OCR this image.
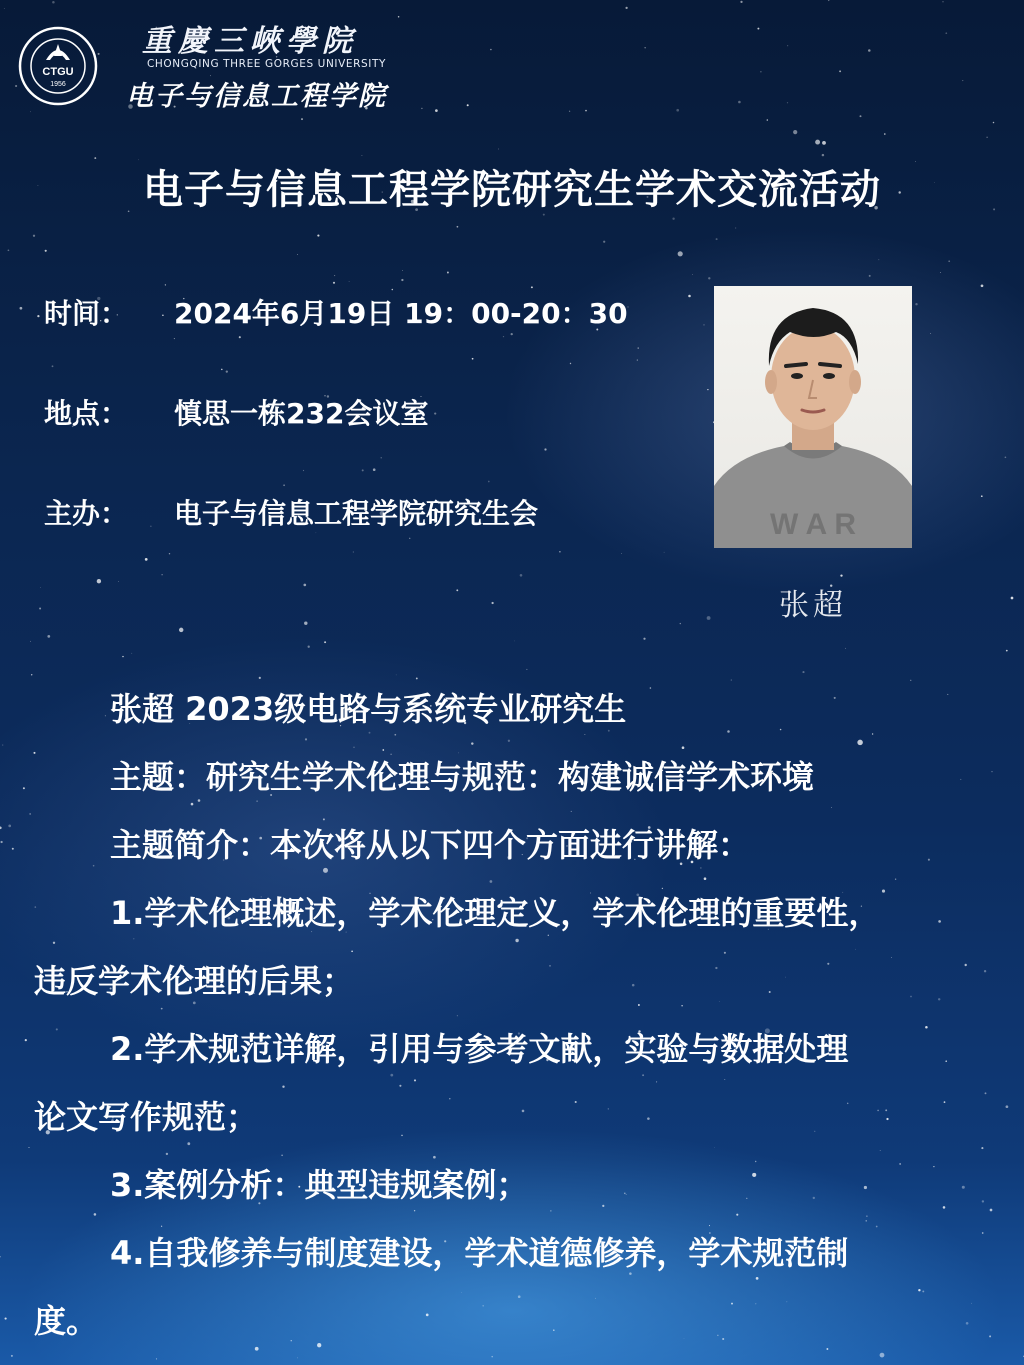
CTGU
1956
重慶三峽學院
CHONGQING THREE GORGES UNIVERSITY
电子与信息工程学院
电子与信息工程学院研究生学术交流活动
时间： 2024年6月19日 19：00-20：30
地点： 慎思一栋232会议室
主办： 电子与信息工程学院研究生会	W A R
张超
张超 2023级电路与系统专业研究生
主题：研究生学术伦理与规范：构建诚信学术环境
主题简介：本次将从以下四个方面进行讲解：
1.学术伦理概述，学术伦理定义，学术伦理的重要性，
违反学术伦理的后果；
2.学术规范详解，引用与参考文献，实验与数据处理
论文写作规范；
3.案例分析：典型违规案例；
4.自我修养与制度建设，学术道德修养，学术规范制
度。
